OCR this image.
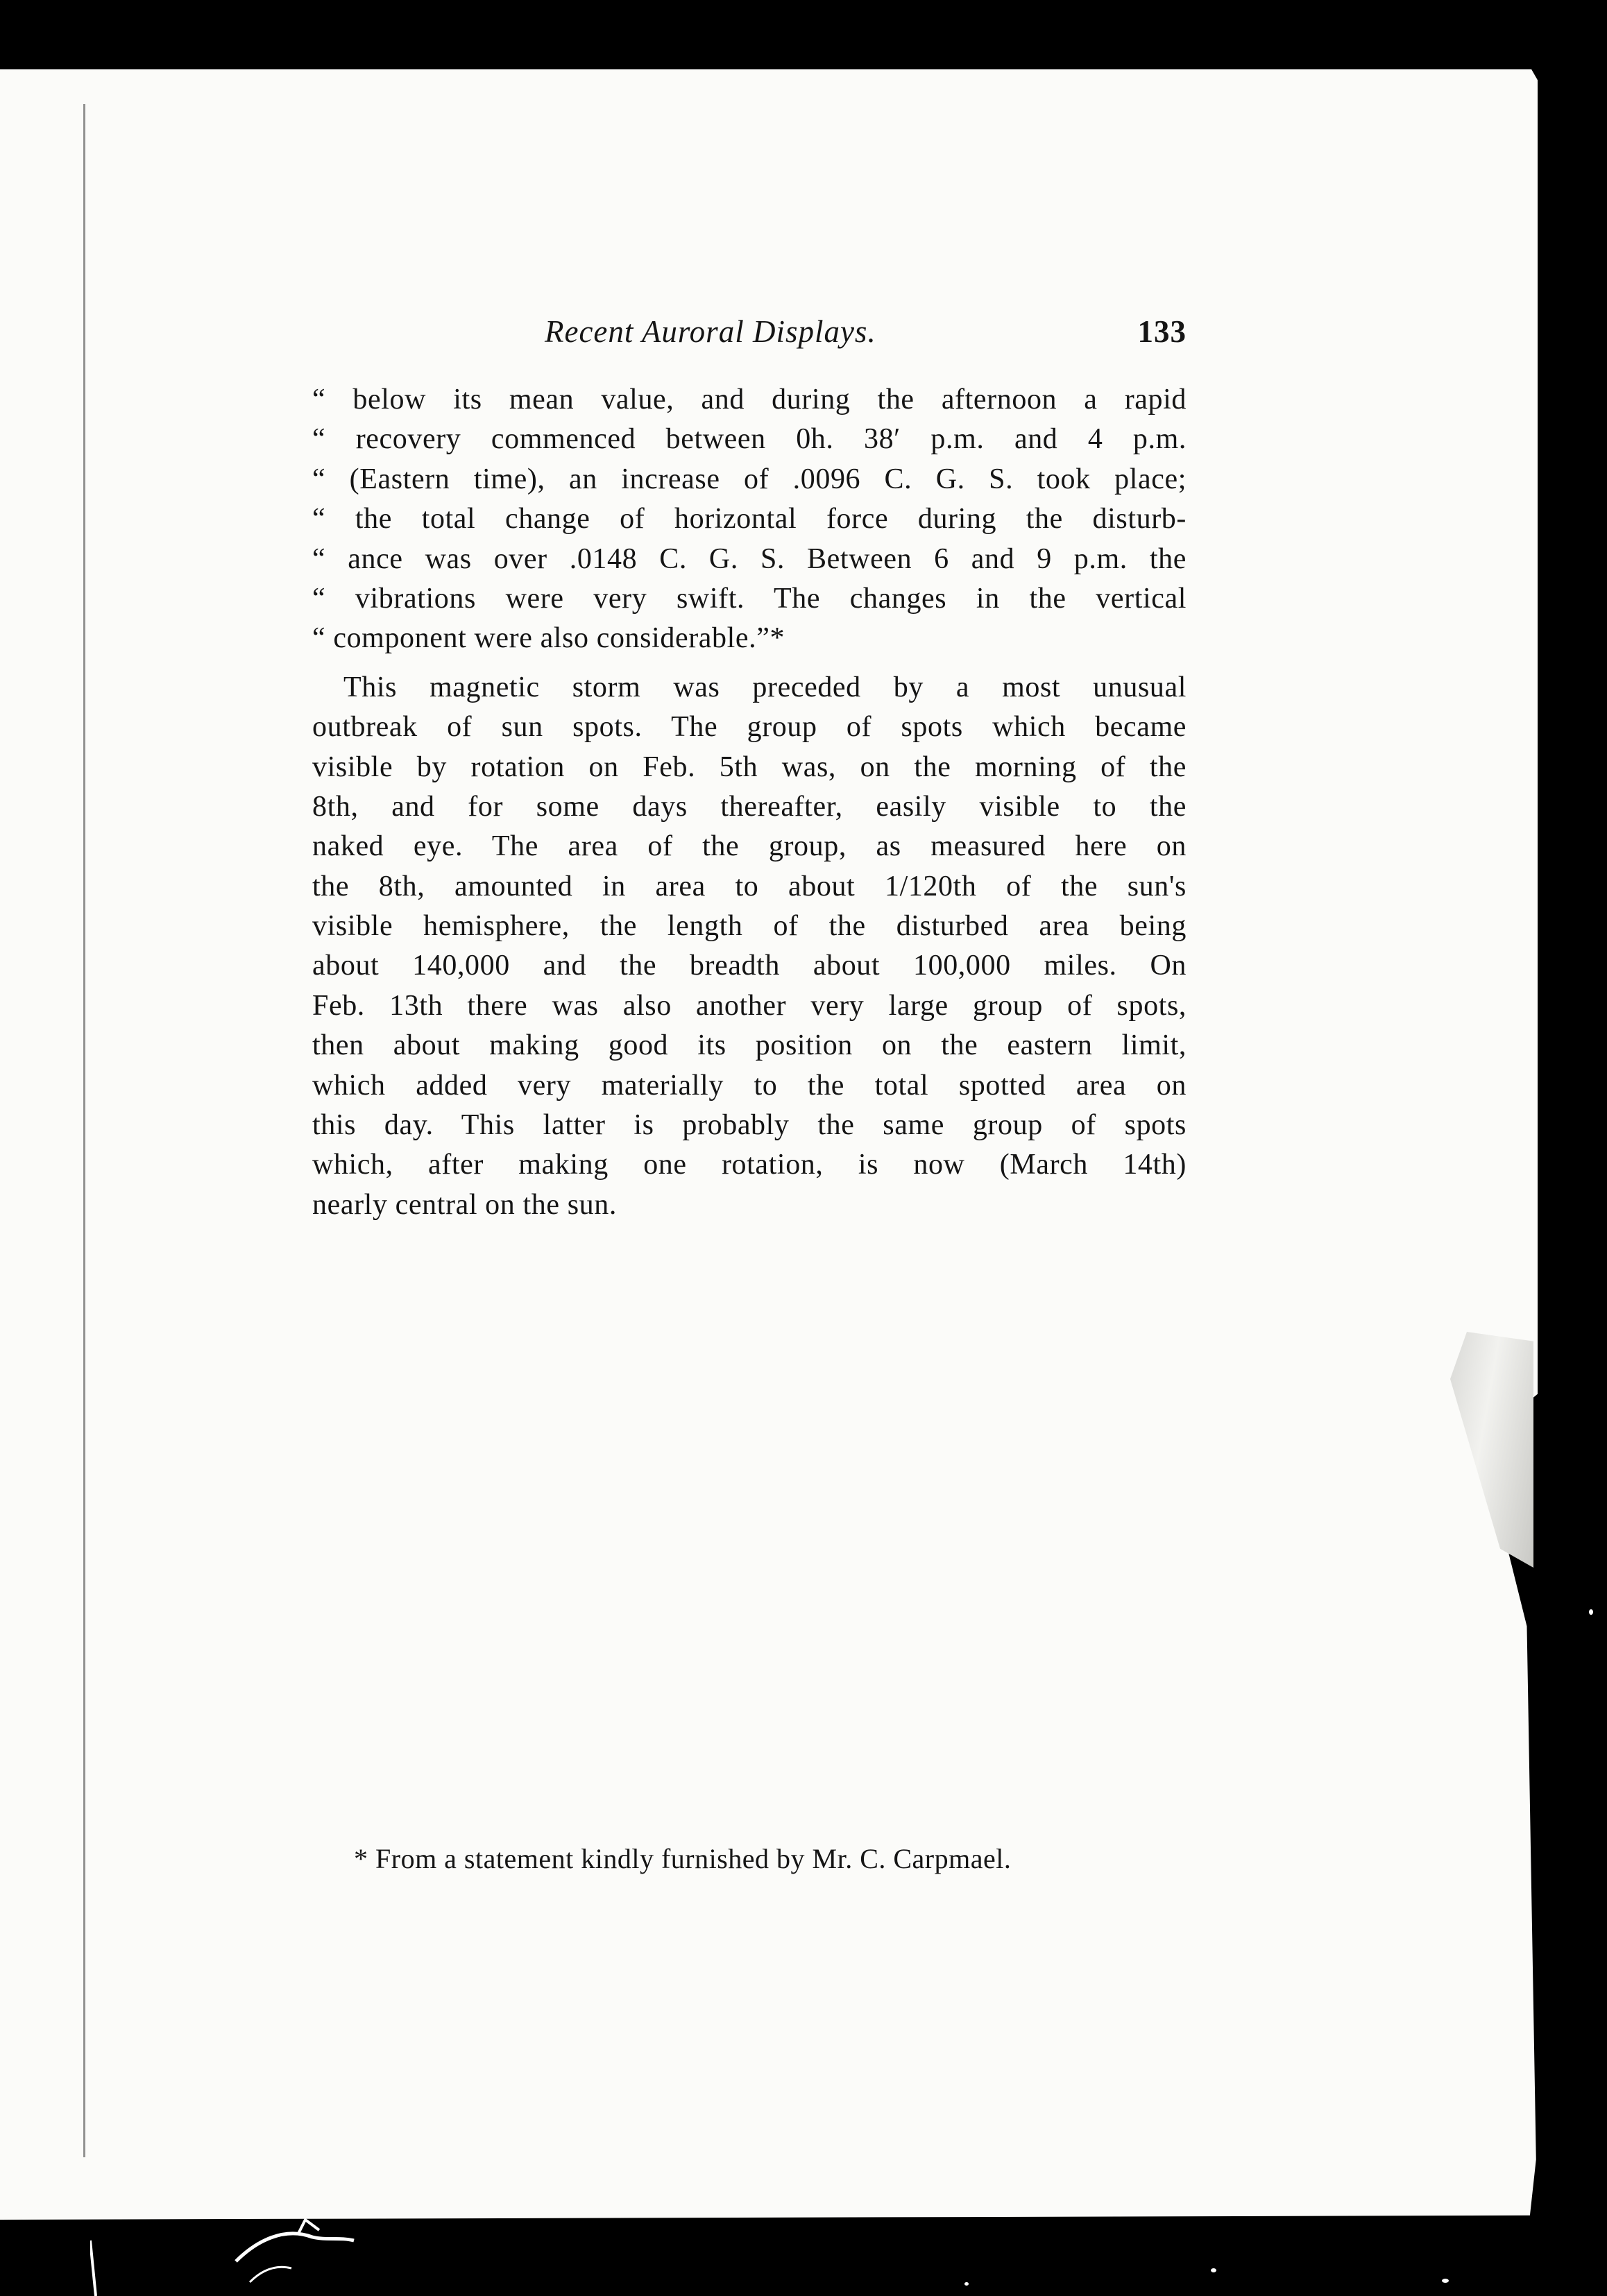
Recent Auroral Displays.	133
“ below its mean value, and during the afternoon a rapid
“ recovery commenced between 0h. 38′ p.m. and 4 p.m.
“ (Eastern time), an increase of .0096 C. G. S. took place;
“ the total change of horizontal force during the disturb-
“ ance was over .0148 C. G. S. Between 6 and 9 p.m. the
“ vibrations were very swift. The changes in the vertical
“ component were also considerable.”*
This magnetic storm was preceded by a most unusual
outbreak of sun spots. The group of spots which became
visible by rotation on Feb. 5th was, on the morning of the
8th, and for some days thereafter, easily visible to the
naked eye. The area of the group, as measured here on
the 8th, amounted in area to about 1/120th of the sun's
visible hemisphere, the length of the disturbed area being
about 140,000 and the breadth about 100,000 miles. On
Feb. 13th there was also another very large group of spots,
then about making good its position on the eastern limit,
which added very materially to the total spotted area on
this day. This latter is probably the same group of spots
which, after making one rotation, is now (March 14th)
nearly central on the sun.
* From a statement kindly furnished by Mr. C. Carpmael.
